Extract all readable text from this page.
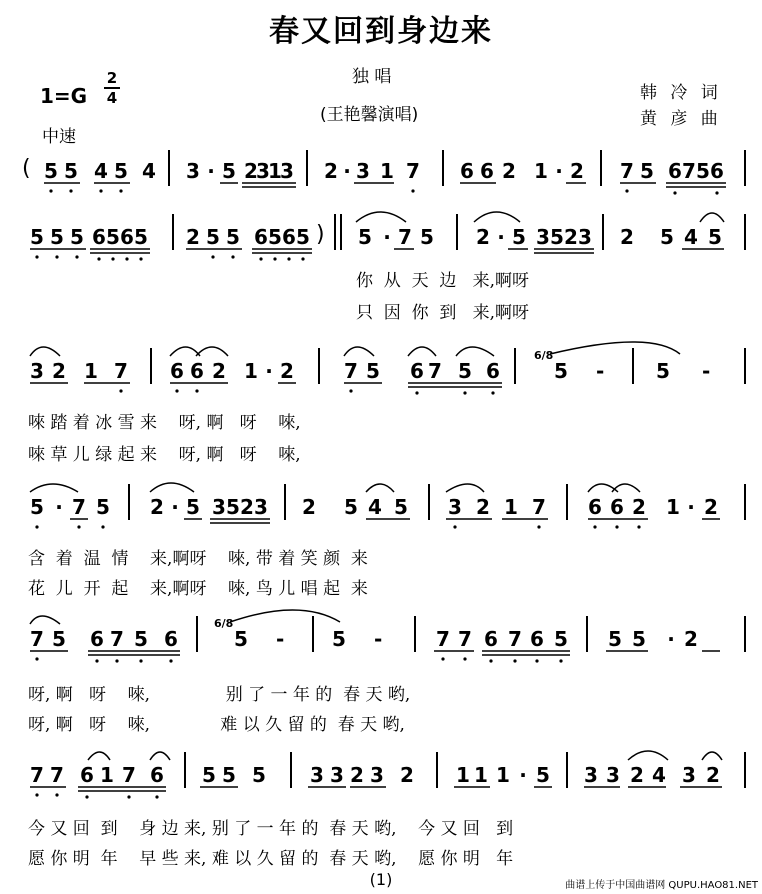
春又回到身边来
1=G
2
4
中速
独 唱
(王艳馨演唱)
韩 冷 词
黄 彦 曲
( 5 5 4 5 4 3 · 5 2
3
1
3 2 · 3 1 7 6 6 2 1 · 2 7 5 6 7 5 6
5 5 5 6 5 6 5 2 5 5 6 5 6 5 ) 5 · 7 5 2 · 5 3 5 2 3 2 5 4 5
你  从  天  边   来,啊呀
只  因  你  到   来,啊呀
3 2 1 7 6 6 2 1 · 2	7 5 6 7 5 6
6/8
5 -	5 -
唻 踏 着 冰 雪 来    呀, 啊   呀    唻,
唻 草 儿 绿 起 来    呀, 啊   呀    唻,
5 · 7 5 2 · 5 3 5 2 3 2 5 4 5 3 2 1 7 6 6 2 1 · 2
含  着  温  情    来,啊呀    唻, 带 着 笑 颜  来
花  儿  开  起    来,啊呀    唻, 鸟 儿 唱 起  来
7 5 6 7 5 6
6/8
5 - 5 -	7 7 6 7 6 5 5 5 · 2
呀, 啊   呀    唻,              别 了 一 年 的  春 天 哟,
呀, 啊   呀    唻,             难 以 久 留 的  春 天 哟,
7 7 6 1 7 6 5 5 5 3 3 2 3 2 1 1 1 · 5 3 3 2 4 3 2
今 又 回  到    身 边 来, 别 了 一 年 的  春 天 哟,    今 又 回   到
愿 你 明  年    早 些 来, 难 以 久 留 的  春 天 哟,    愿 你 明   年
(1)	曲谱上传于中国曲谱网 QUPU.HAO81.NET
